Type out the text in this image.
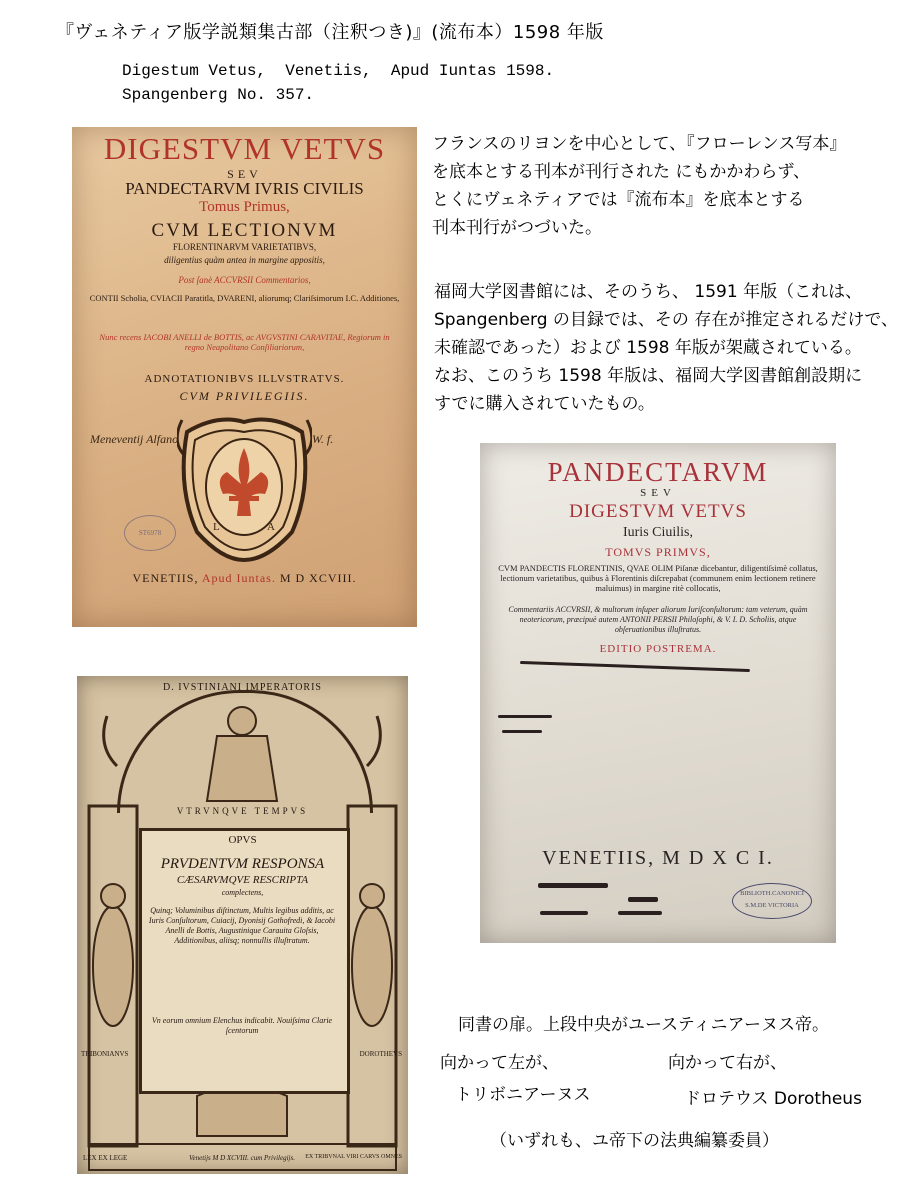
『ヴェネティア版学説類集古部（注釈つき)』(流布本）1598 年版
Digestum Vetus,  Venetiis,  Apud Iuntas 1598.
Spangenberg No. 357.
DIGESTVM VETVS
SEV
PANDECTARVM IVRIS CIVILIS
Tomus Primus,
CVM LECTIONVM
FLORENTINARVM VARIETATIBVS,
diligentius quàm antea in margine appositis,
Post ſanè ACCVRSII Commentarios,
CONTII Scholia, CVIACII Paratitla, DVARENI, aliorumq; Clariſsimorum I.C. Additiones,
Nunc recens IACOBI ANELLI de BOTTIS, ac AVGVSTINI CARAVITAE, Regiorum in regno Neapolitano Conſiliariorum,
ADNOTATIONIBVS ILLVSTRATVS.
CVM PRIVILEGIIS.
Meneventij Alfano	W. f.
ST6978	L	A
VENETIIS, Apud Iuntas. M D XCVIII.
フランスのリヨンを中心として、『フローレンス写本』
を底本とする刊本が刊行された にもかかわらず、
とくにヴェネティアでは『流布本』を底本とする
刊本刊行がつづいた。
福岡大学図書館には、そのうち、 1591 年版（これは、
Spangenberg の目録では、その 存在が推定されるだけで、
未確認であった）および 1598 年版が架蔵されている。
なお、このうち 1598 年版は、福岡大学図書館創設期に
すでに購入されていたもの。
PANDECTARVM
SEV
DIGESTVM VETVS
Iuris Ciuilis,
TOMVS PRIMVS,
CVM PANDECTIS FLORENTINIS, QVAE OLIM Piſanæ dicebantur, diligentiſsimè collatus, lectionum varietatibus, quibus à Florentinis diſcrepabat (communem enim lectionem retinere maluimus) in margine ritè collocatis,
Commentariis ACCVRSII, & multorum inſuper aliorum Iuriſconſultorum: tam veterum, quàm neotericorum, præcipuè autem ANTONII PERSII Philoſophi, & V. I. D. Scholiis, atque obſeruationibus illuſtratus.
EDITIO POSTREMA.
VENETIIS, M D X C I.
BIBLIOTH.CANONICI S.M.DE VICTORIA
D. IVSTINIANI IMPERATORIS
VTRVNQVE TEMPVS
OPVS
PRVDENTVM RESPONSA
CÆSARVMQVE RESCRIPTA
complectens,
Quinq; Voluminibus diſtinctum, Multis legibus additis, ac Iuris Conſultorum, Cuiacij, Dyonisij Gothofredi, & Iacobi Anelli de Bottis, Augustinique Carauita Gloſsis, Additionibus, aliisq; nonnullis illuſtratum.
Vn eorum omnium Elenchus indicabit. Nouiſsima Clarie ſcentorum
TRIBONIANVS	DOROTHEVS
LEX EX LEGE	Venetijs M D XCVIII. cum Privilegijs. EX TRIBVNAL VIRI CARVS OMNES
同書の扉。上段中央がユースティニアーヌス帝。
向かって左が、
トリボニアーヌス
向かって右が、
ドロテウス Dorotheus
（いずれも、ユ帝下の法典編纂委員）
